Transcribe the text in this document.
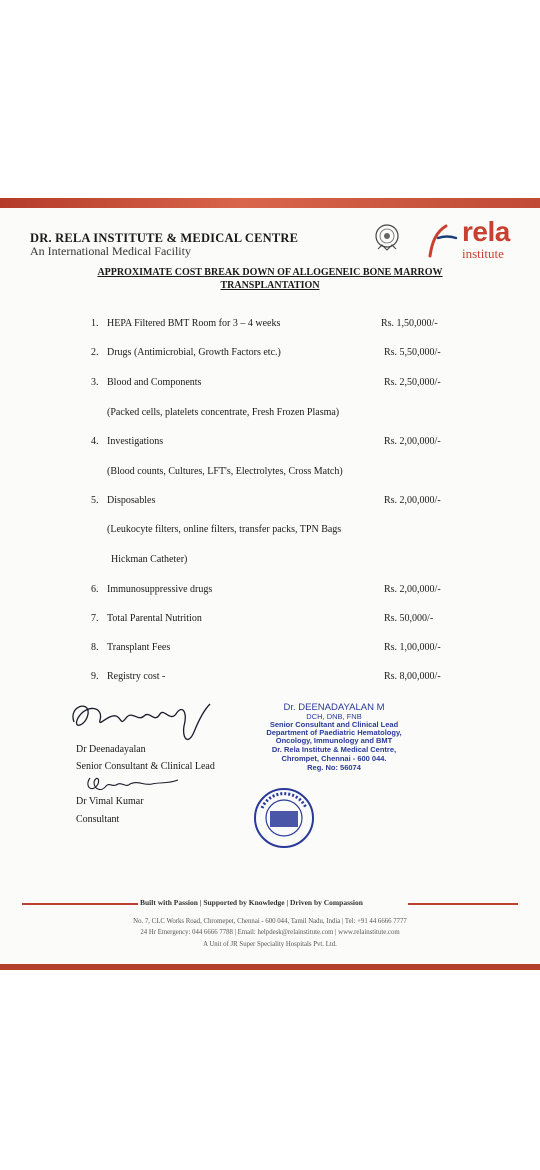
DR. RELA INSTITUTE & MEDICAL CENTRE
An International Medical Facility
rela
institute
APPROXIMATE COST BREAK DOWN OF ALLOGENEIC BONE MARROW
TRANSPLANTATION
1. HEPA Filtered BMT Room for 3 – 4 weeks	Rs. 1,50,000/-
2. Drugs (Antimicrobial, Growth Factors etc.)	Rs. 5,50,000/-
3. Blood and Components	Rs. 2,50,000/-
(Packed cells, platelets concentrate, Fresh Frozen Plasma)
4. Investigations	Rs. 2,00,000/-
(Blood counts, Cultures, LFT's, Electrolytes, Cross Match)
5. Disposables	Rs. 2,00,000/-
(Leukocyte filters, online filters, transfer packs, TPN Bags
Hickman Catheter)
6. Immunosuppressive drugs	Rs. 2,00,000/-
7. Total Parental Nutrition	Rs. 50,000/-
8. Transplant Fees	Rs. 1,00,000/-
9. Registry cost -	Rs. 8,00,000/-
Dr Deenadayalan
Senior Consultant & Clinical Lead
Dr Vimal Kumar
Consultant
Dr. DEENADAYALAN M
DCH, DNB, FNB
Senior Consultant and Clinical Lead
Department of Paediatric Hematology,
Oncology, Immunology and BMT
Dr. Rela Institute & Medical Centre,
Chrompet, Chennai - 600 044.
Reg. No: 56074
Built with Passion | Supported by Knowledge | Driven by Compassion
No. 7, CLC Works Road, Chromepet, Chennai - 600 044, Tamil Nadu, India | Tel: +91 44 6666 7777
24 Hr Emergency: 044 6666 7788 | Email: helpdesk@relainstitute.com | www.relainstitute.com
A Unit of JR Super Speciality Hospitals Pvt. Ltd.
